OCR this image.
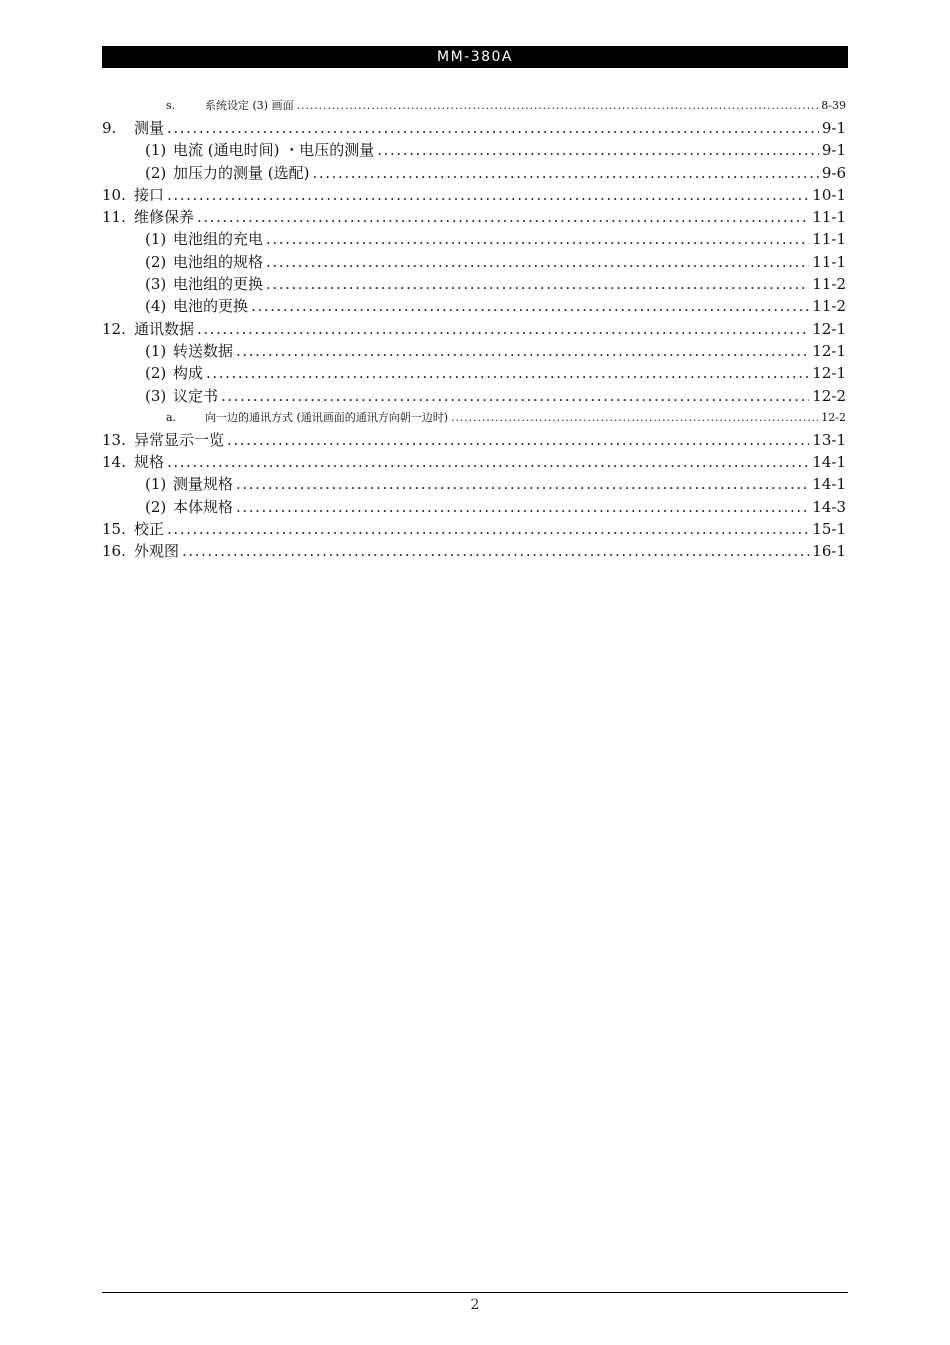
MM-380A
s.	系统设定 (3) 画面 .....	8-39
9.	测量 .....	9-1
(1) 电流 (通电时间) ・电压的测量 .....	9-1
(2) 加压力的测量 (选配) .....	9-6
10. 接口 .....	10-1
11. 维修保养 .....	11-1
(1) 电池组的充电 .....	11-1
(2) 电池组的规格 .....	11-1
(3) 电池组的更换 .....	11-2
(4) 电池的更换 .....	11-2
12. 通讯数据 .....	12-1
(1) 转送数据 .....	12-1
(2) 构成 .....	12-1
(3) 议定书 .....	12-2
a.	向一边的通讯方式 (通讯画面的通讯方向朝一边时) .....	12-2
13. 异常显示一览 .....	13-1
14. 规格 .....	14-1
(1) 测量规格 .....	14-1
(2) 本体规格 .....	14-3
15. 校正 .....	15-1
16. 外观图 .....	16-1
2
